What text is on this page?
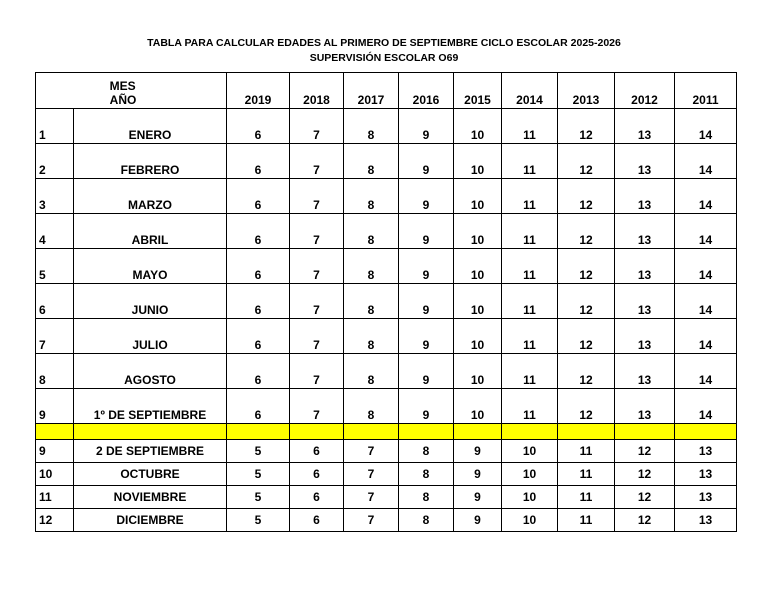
TABLA PARA CALCULAR EDADES AL PRIMERO DE SEPTIEMBRE CICLO ESCOLAR 2025-2026
SUPERVISIÓN ESCOLAR O69
MES
AÑO		2019	2018	2017	2016	2015	2014	2013	2012	2011
1	ENERO	6	7	8	9	10	11	12	13	14
2	FEBRERO	6	7	8	9	10	11	12	13	14
3	MARZO	6	7	8	9	10	11	12	13	14
4	ABRIL	6	7	8	9	10	11	12	13	14
5	MAYO	6	7	8	9	10	11	12	13	14
6	JUNIO	6	7	8	9	10	11	12	13	14
7	JULIO	6	7	8	9	10	11	12	13	14
8	AGOSTO	6	7	8	9	10	11	12	13	14
9	1º DE SEPTIEMBRE	6	7	8	9	10	11	12	13	14

9	2 DE SEPTIEMBRE	5	6	7	8	9	10	11	12	13
10	OCTUBRE	5	6	7	8	9	10	11	12	13
11	NOVIEMBRE	5	6	7	8	9	10	11	12	13
12	DICIEMBRE	5	6	7	8	9	10	11	12	13
